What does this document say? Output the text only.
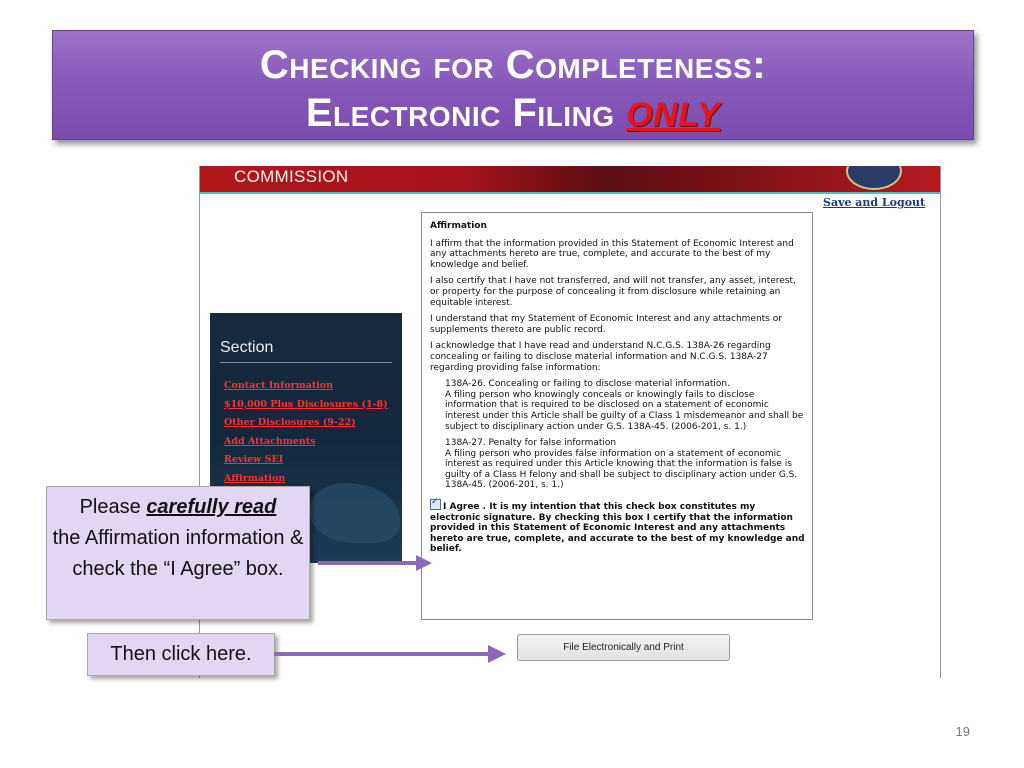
Checking for Completeness:
Electronic Filing ONLY
COMMISSION
Save and Logout
Section
Contact Information
$10,000 Plus Disclosures (1-8)
Other Disclosures (9-22)
Add Attachments
Review SEI
Affirmation

Affirmation

I affirm that the information provided in this Statement of Economic Interest and any attachments hereto are true, complete, and accurate to the best of my knowledge and belief.

I also certify that I have not transferred, and will not transfer, any asset, interest, or property for the purpose of concealing it from disclosure while retaining an equitable interest.

I understand that my Statement of Economic Interest and any attachments or supplements thereto are public record.

I acknowledge that I have read and understand N.C.G.S. 138A-26 regarding concealing or failing to disclose material information and N.C.G.S. 138A-27 regarding providing false information:

138A-26. Concealing or failing to disclose material information.
A filing person who knowingly conceals or knowingly fails to disclose information that is required to be disclosed on a statement of economic interest under this Article shall be guilty of a Class 1 misdemeanor and shall be subject to disciplinary action under G.S. 138A-45. (2006-201, s. 1.)

138A-27. Penalty for false information
A filing person who provides false information on a statement of economic interest as required under this Article knowing that the information is false is guilty of a Class H felony and shall be subject to disciplinary action under G.S. 138A-45. (2006-201, s. 1.)

✓I Agree . It is my intention that this check box constitutes my electronic signature. By checking this box I certify that the information provided in this Statement of Economic Interest and any attachments hereto are true, complete, and accurate to the best of my knowledge and belief.
File Electronically and Print
Please carefully read
the Affirmation information & check the “I Agree” box.
Then click here.
19
